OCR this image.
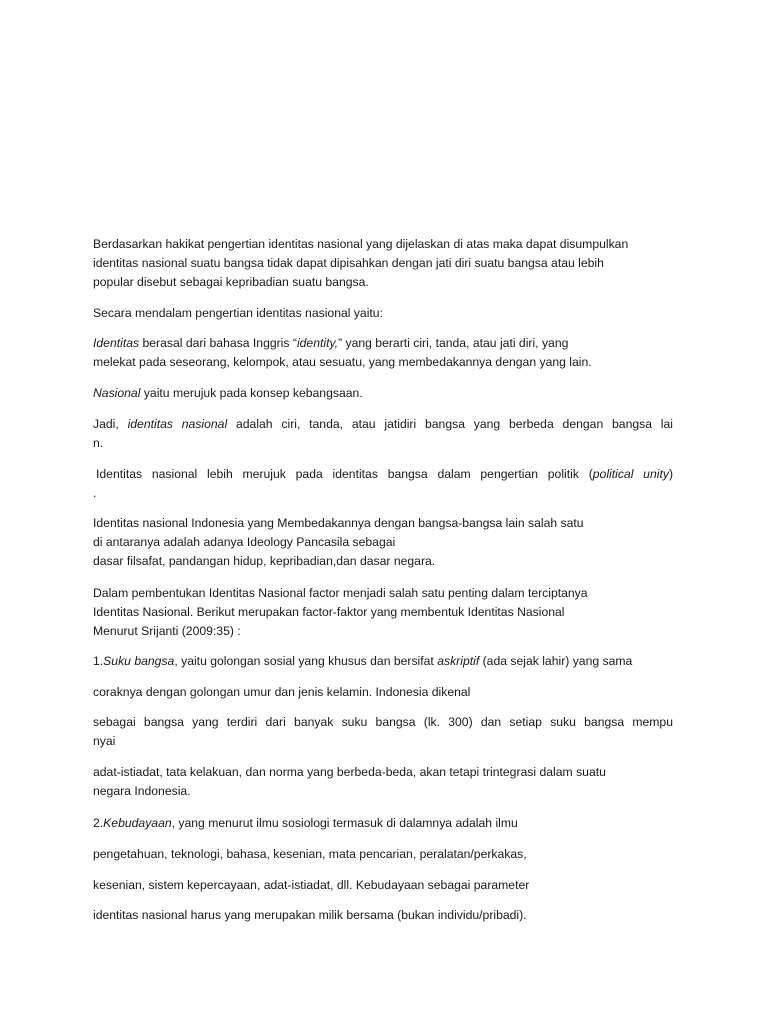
Berdasarkan hakikat pengertian identitas nasional yang dijelaskan di atas maka dapat disumpulkan
identitas nasional suatu bangsa tidak dapat dipisahkan dengan jati diri suatu bangsa atau lebih
popular disebut sebagai kepribadian suatu bangsa.

Secara mendalam pengertian identitas nasional yaitu:

Identitas berasal dari bahasa Inggris “identity,” yang berarti ciri, tanda, atau jati diri, yang
melekat pada seseorang, kelompok, atau sesuatu, yang membedakannya dengan yang lain.

Nasional yaitu merujuk pada konsep kebangsaan.

Jadi, identitas nasional adalah ciri, tanda, atau jatidiri bangsa yang berbeda dengan bangsa lai
n.

Identitas nasional lebih merujuk pada identitas bangsa dalam pengertian politik (political unity)
.

Identitas nasional Indonesia yang Membedakannya dengan bangsa-bangsa lain salah satu
di antaranya adalah adanya Ideology Pancasila sebagai
dasar filsafat, pandangan hidup, kepribadian,dan dasar negara.

Dalam pembentukan Identitas Nasional factor menjadi salah satu penting dalam terciptanya
Identitas Nasional. Berikut merupakan factor-faktor yang membentuk Identitas Nasional
Menurut Srijanti (2009:35) :

1.Suku bangsa, yaitu golongan sosial yang khusus dan bersifat askriptif (ada sejak lahir) yang sama

coraknya dengan golongan umur dan jenis kelamin. Indonesia dikenal

sebagai bangsa yang terdiri dari banyak suku bangsa (lk. 300) dan setiap suku bangsa mempu
nyai

adat-istiadat, tata kelakuan, dan norma yang berbeda-beda, akan tetapi trintegrasi dalam suatu
negara Indonesia.

2.Kebudayaan, yang menurut ilmu sosiologi termasuk di dalamnya adalah ilmu

pengetahuan, teknologi, bahasa, kesenian, mata pencarian, peralatan/perkakas,

kesenian, sistem kepercayaan, adat-istiadat, dll. Kebudayaan sebagai parameter

identitas nasional harus yang merupakan milik bersama (bukan individu/pribadi).
